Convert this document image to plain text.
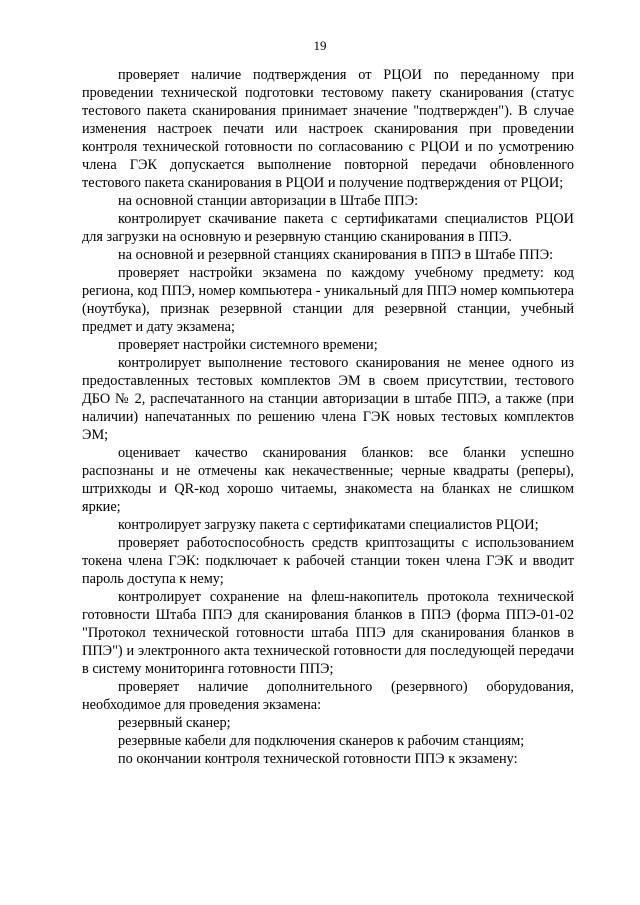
19

проверяет наличие подтверждения от РЦОИ по переданному при проведении технической подготовки тестовому пакету сканирования (статус тестового пакета сканирования принимает значение "подтвержден"). В случае изменения настроек печати или настроек сканирования при проведении контроля технической готовности по согласованию с РЦОИ и по усмотрению члена ГЭК допускается выполнение повторной передачи обновленного тестового пакета сканирования в РЦОИ и получение подтверждения от РЦОИ;

на основной станции авторизации в Штабе ППЭ:

контролирует скачивание пакета с сертификатами специалистов РЦОИ для загрузки на основную и резервную станцию сканирования в ППЭ.

на основной и резервной станциях сканирования в ППЭ в Штабе ППЭ:

проверяет настройки экзамена по каждому учебному предмету: код региона, код ППЭ, номер компьютера - уникальный для ППЭ номер компьютера (ноутбука), признак резервной станции для резервной станции, учебный предмет и дату экзамена;

проверяет настройки системного времени;

контролирует выполнение тестового сканирования не менее одного из предоставленных тестовых комплектов ЭМ в своем присутствии, тестового ДБО № 2, распечатанного на станции авторизации в штабе ППЭ, а также (при наличии) напечатанных по решению члена ГЭК новых тестовых комплектов ЭМ;

оценивает качество сканирования бланков: все бланки успешно распознаны и не отмечены как некачественные; черные квадраты (реперы), штрихкоды и QR-код хорошо читаемы, знакоместа на бланках не слишком яркие;

контролирует загрузку пакета с сертификатами специалистов РЦОИ;

проверяет работоспособность средств криптозащиты с использованием токена члена ГЭК: подключает к рабочей станции токен члена ГЭК и вводит пароль доступа к нему;

контролирует сохранение на флеш-накопитель протокола технической готовности Штаба ППЭ для сканирования бланков в ППЭ (форма ППЭ-01-02 "Протокол технической готовности штаба ППЭ для сканирования бланков в ППЭ") и электронного акта технической готовности для последующей передачи в систему мониторинга готовности ППЭ;

проверяет наличие дополнительного (резервного) оборудования, необходимое для проведения экзамена:

резервный сканер;

резервные кабели для подключения сканеров к рабочим станциям;

по окончании контроля технической готовности ППЭ к экзамену:
